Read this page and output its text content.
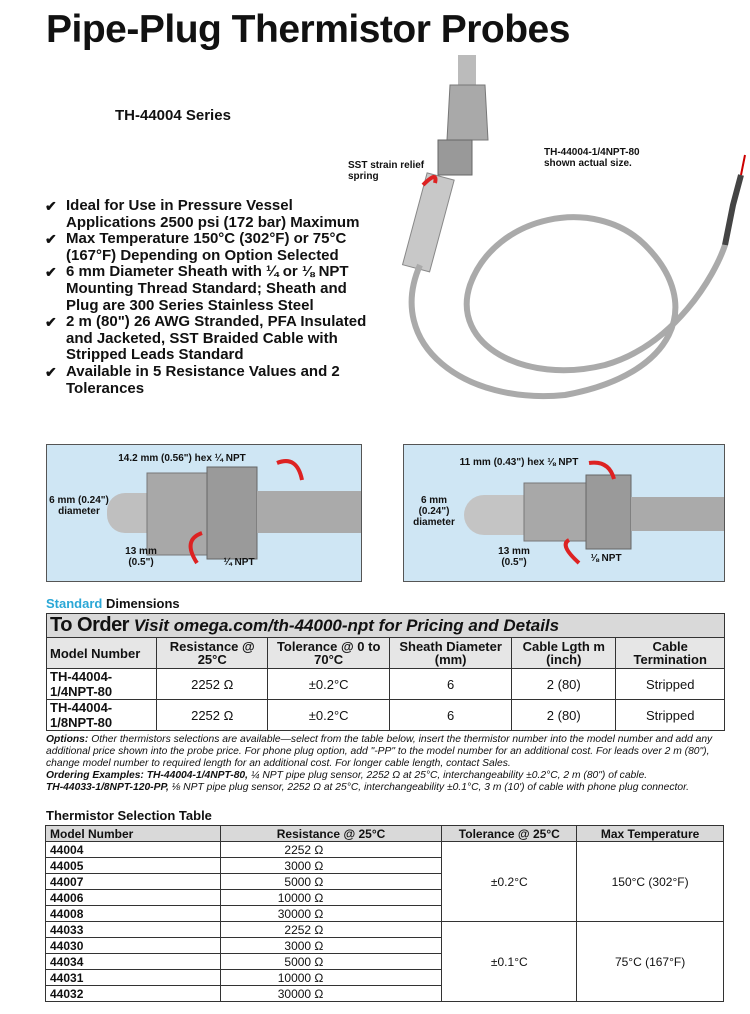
Pipe-Plug Thermistor Probes
TH-44004 Series
SST strain relief spring
TH-44004-1/4NPT-80 shown actual size.
✔ Ideal for Use in Pressure Vessel Applications 2500 psi (172 bar) Maximum
✔ Max Temperature 150°C (302°F) or 75°C (167°F) Depending on Option Selected
✔ 6 mm Diameter Sheath with ¼ or ⅛ NPT Mounting Thread Standard; Sheath and Plug are 300 Series Stainless Steel
✔ 2 m (80") 26 AWG Stranded, PFA Insulated and Jacketed, SST Braided Cable with Stripped Leads Standard
✔ Available in 5 Resistance Values and 2 Tolerances
14.2 mm (0.56") hex ¼ NPT
6 mm (0.24") diameter
13 mm (0.5")	¼ NPT
11 mm (0.43") hex ⅛ NPT
6 mm (0.24") diameter
13 mm (0.5")	⅛ NPT
Standard Dimensions
To Order Visit omega.com/th-44000-npt for Pricing and Details					
Model Number	Resistance @ 25°C	Tolerance @ 0 to 70°C	Sheath Diameter (mm)	Cable Lgth m (inch)	Cable Termination
TH-44004-1/4NPT-80	2252 Ω	±0.2°C	6	2 (80)	Stripped
TH-44004-1/8NPT-80	2252 Ω	±0.2°C	6	2 (80)	Stripped
Options: Other thermistors selections are available—select from the table below, insert the thermistor number into the model number and add any additional price shown into the probe price. For phone plug option, add "-PP" to the model number for an additional cost. For leads over 2 m (80"), change model number to required length for an additional cost. For longer cable length, contact Sales.
Ordering Examples: TH-44004-1/4NPT-80, ¼ NPT pipe plug sensor, 2252 Ω at 25°C, interchangeability ±0.2°C, 2 m (80") of cable.
TH-44033-1/8NPT-120-PP, ⅛ NPT pipe plug sensor, 2252 Ω at 25°C, interchangeability ±0.1°C, 3 m (10') of cable with phone plug connector.
Thermistor Selection Table
Model Number	Resistance @ 25°C	Tolerance @ 25°C	Max Temperature
44004	2252 Ω	±0.2°C	150°C (302°F)
44005	3000 Ω		
44007	5000 Ω		
44006	10000 Ω		
44008	30000 Ω		
44033	2252 Ω	±0.1°C	75°C (167°F)
44030	3000 Ω		
44034	5000 Ω		
44031	10000 Ω		
44032	30000 Ω		
